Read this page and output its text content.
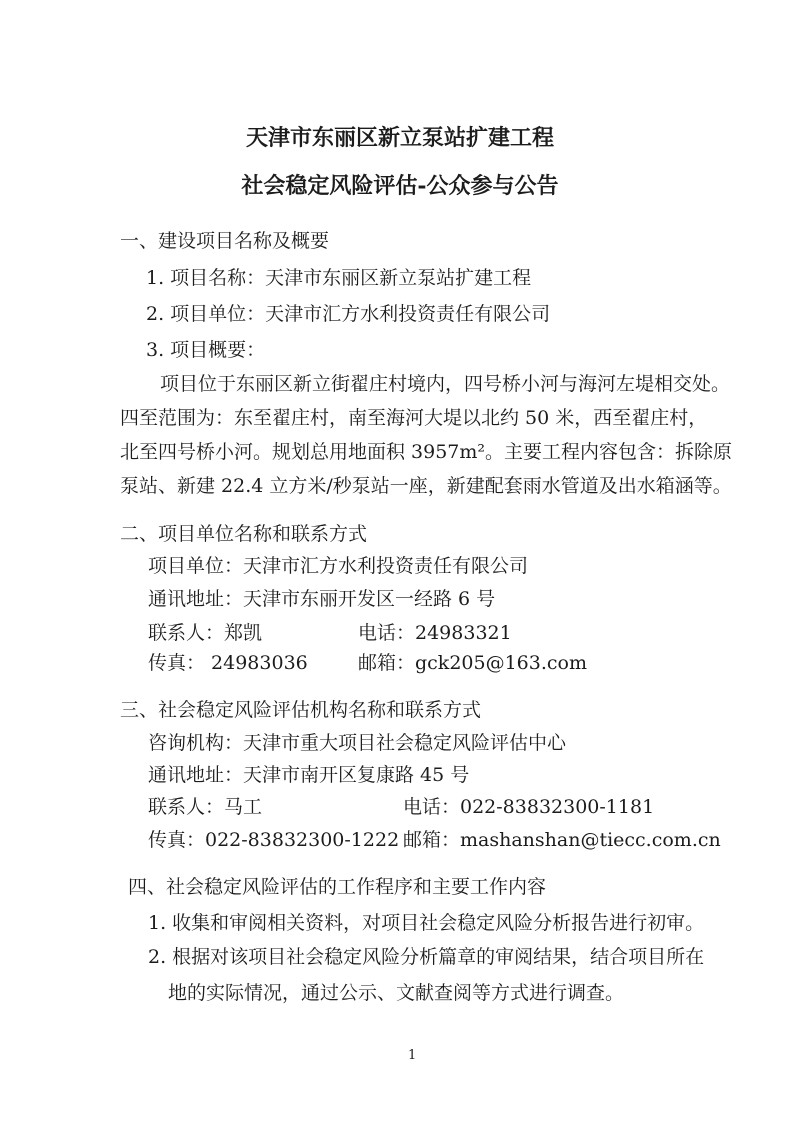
天津市东丽区新立泵站扩建工程
社会稳定风险评估-公众参与公告
一、建设项目名称及概要
1. 项目名称：天津市东丽区新立泵站扩建工程
2. 项目单位：天津市汇方水利投资责任有限公司
3. 项目概要：
项目位于东丽区新立街翟庄村境内，四号桥小河与海河左堤相交处。
四至范围为：东至翟庄村，南至海河大堤以北约 50 米，西至翟庄村，
北至四号桥小河。规划总用地面积 3957m²。主要工程内容包含：拆除原
泵站、新建 22.4 立方米/秒泵站一座，新建配套雨水管道及出水箱涵等。
二、项目单位名称和联系方式
项目单位：天津市汇方水利投资责任有限公司
通讯地址：天津市东丽开发区一经路 6 号
联系人：郑凯	电话：24983321
传真： 24983036	邮箱：gck205@163.com
三、社会稳定风险评估机构名称和联系方式
咨询机构：天津市重大项目社会稳定风险评估中心
通讯地址：天津市南开区复康路 45 号
联系人：马工	电话：022-83832300-1181
传真：022-83832300-1222 邮箱：mashanshan@tiecc.com.cn
四、社会稳定风险评估的工作程序和主要工作内容
1. 收集和审阅相关资料，对项目社会稳定风险分析报告进行初审。
2. 根据对该项目社会稳定风险分析篇章的审阅结果，结合项目所在
地的实际情况，通过公示、文献查阅等方式进行调查。
1
